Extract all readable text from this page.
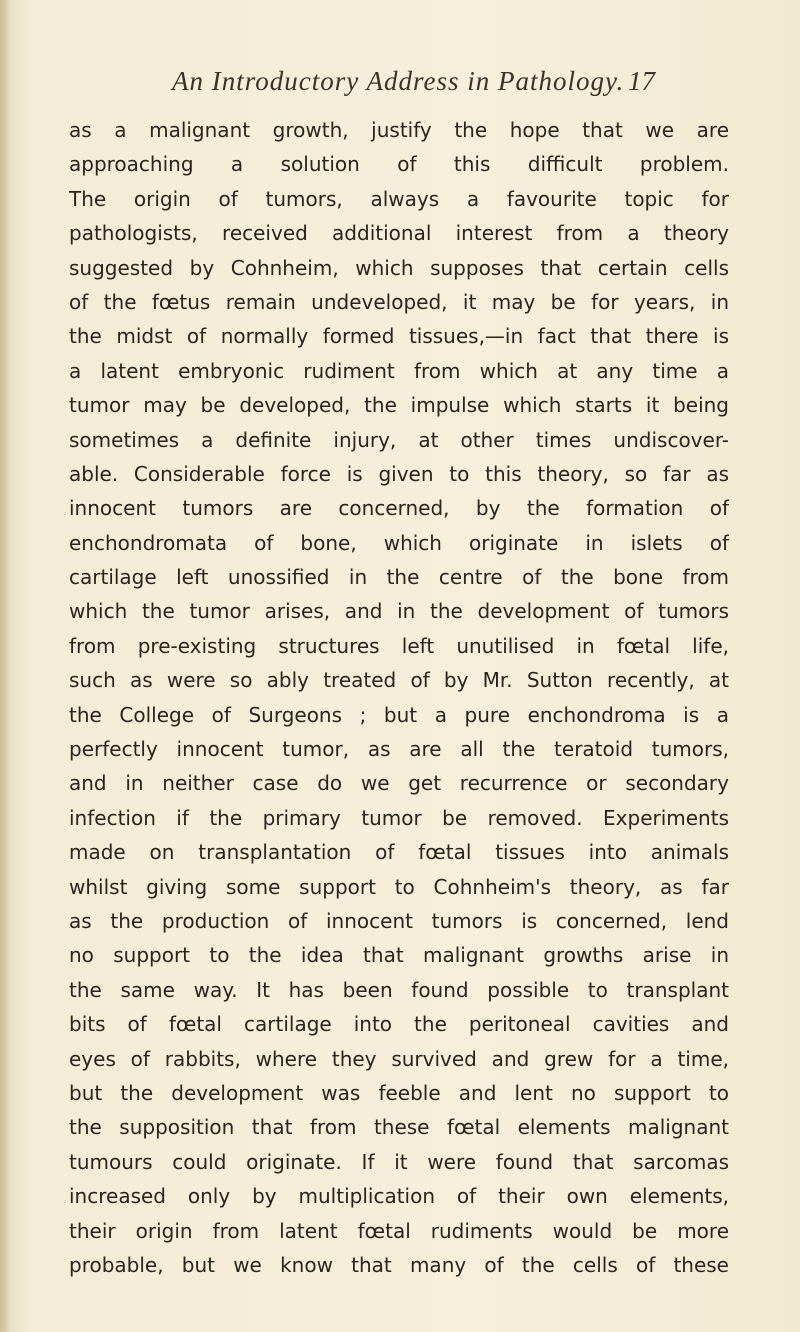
An Introductory Address in Pathology. 17
as a malignant growth, justify the hope that we are
approaching a solution of this difficult problem.
The origin of tumors, always a favourite topic for
pathologists, received additional interest from a theory
suggested by Cohnheim, which supposes that certain cells
of the fœtus remain undeveloped, it may be for years, in
the midst of normally formed tissues,—in fact that there is
a latent embryonic rudiment from which at any time a
tumor may be developed, the impulse which starts it being
sometimes a definite injury, at other times undiscover-
able. Considerable force is given to this theory, so far as
innocent tumors are concerned, by the formation of
enchondromata of bone, which originate in islets of
cartilage left unossified in the centre of the bone from
which the tumor arises, and in the development of tumors
from pre-existing structures left unutilised in fœtal life,
such as were so ably treated of by Mr. Sutton recently, at
the College of Surgeons ; but a pure enchondroma is a
perfectly innocent tumor, as are all the teratoid tumors,
and in neither case do we get recurrence or secondary
infection if the primary tumor be removed. Experiments
made on transplantation of fœtal tissues into animals
whilst giving some support to Cohnheim's theory, as far
as the production of innocent tumors is concerned, lend
no support to the idea that malignant growths arise in
the same way. It has been found possible to transplant
bits of fœtal cartilage into the peritoneal cavities and
eyes of rabbits, where they survived and grew for a time,
but the development was feeble and lent no support to
the supposition that from these fœtal elements malignant
tumours could originate. If it were found that sarcomas
increased only by multiplication of their own elements,
their origin from latent fœtal rudiments would be more
probable, but we know that many of the cells of these
